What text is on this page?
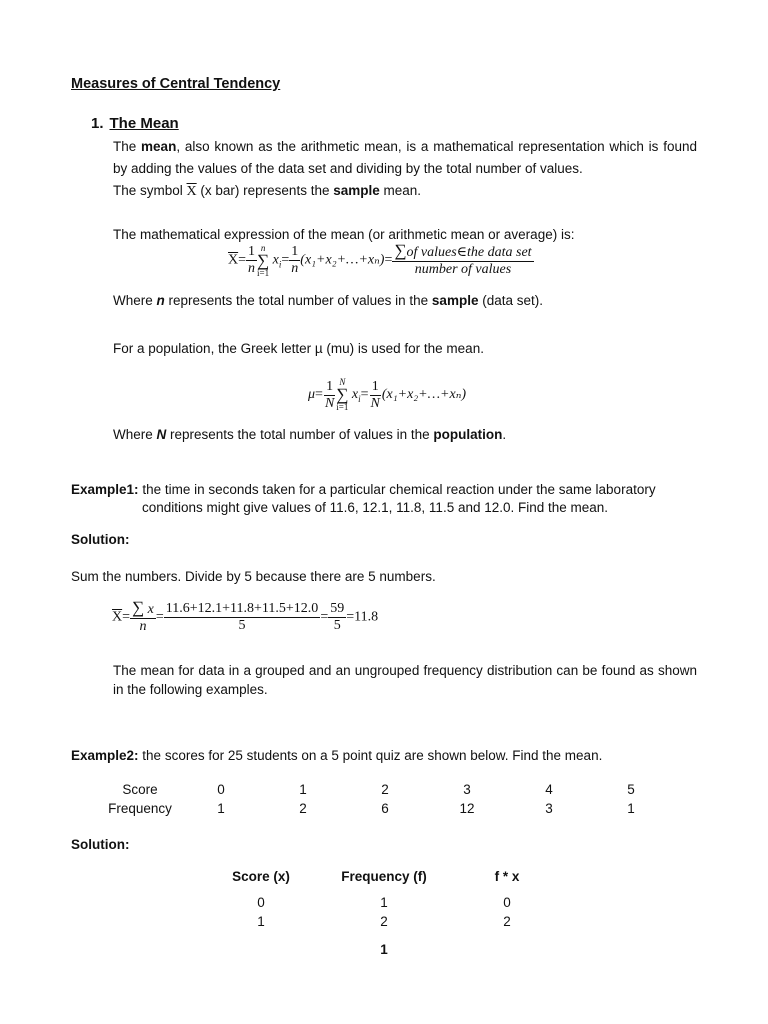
Measures of Central Tendency
1. The Mean
The mean, also known as the arithmetic mean, is a mathematical representation which is found by adding the values of the data set and dividing by the total number of values.
The symbol $\overline{X}$ (x bar) represents the sample mean.
The mathematical expression of the mean (or arithmetic mean or average) is:
$\overline{X}= \frac{1}{n}$ n
∑
i=1
$x_i= \frac{1}{n}$ (x₁+x₂+…+xₙ)= $\frac{\text{∑of values∈the data set}}{\text{number of values}}$
Where n represents the total number of values in the sample (data set).
For a population, the Greek letter µ (mu) is used for the mean.
$\mu= \frac{1}{N}$ N
∑
i=1
$x_i= \frac{1}{N}$ (x₁+x₂+…+xₙ)
Where N represents the total number of values in the population.
Example1: the time in seconds taken for a particular chemical reaction under the same laboratory
conditions might give values of 11.6, 12.1, 11.8, 11.5 and 12.0. Find the mean.
Solution:
Sum the numbers. Divide by 5 because there are 5 numbers.
$\overline{X}= \frac{\sum x}{n} = \frac{11.6+12.1+11.8+11.5+12.0}{5} = \frac{59}{5} =11.8$
The mean for data in a grouped and an ungrouped frequency distribution can be found as shown in the following examples.
Example2: the scores for 25 students on a 5 point quiz are shown below. Find the mean.
Score	0	1	2	3	4	5
Frequency	1	2	6	12	3	1
Solution:
Score (x)	Frequency (f)	f * x
0	1	0
1	2	2
1
